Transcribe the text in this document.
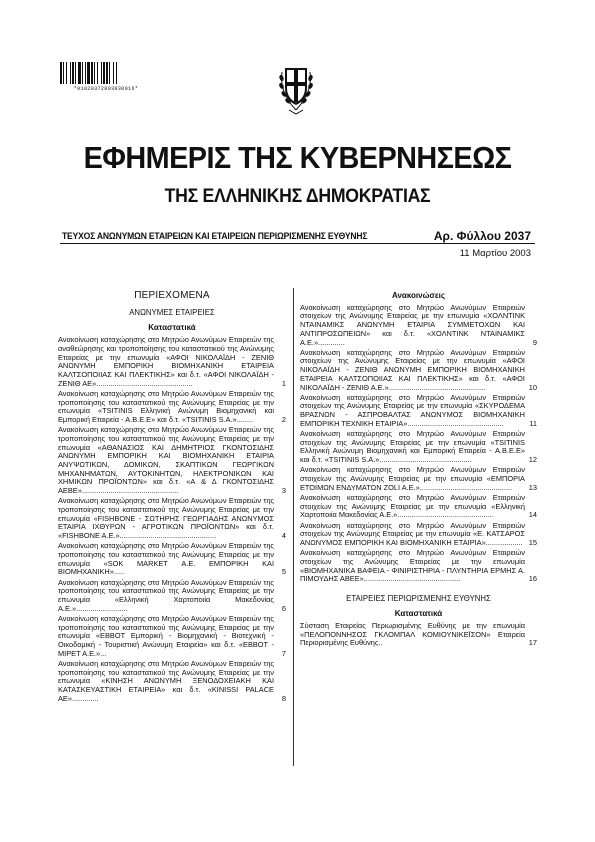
*01020372803030016*
ΕΦΗΜΕΡΙΣ ΤΗΣ ΚΥΒΕΡΝΗΣΕΩΣ
ΤΗΣ ΕΛΛΗΝΙΚΗΣ ΔΗΜΟΚΡΑΤΙΑΣ
ΤΕΥΧΟΣ ΑΝΩΝΥΜΩΝ ΕΤΑΙΡΕΙΩΝ ΚΑΙ ΕΤΑΙΡΕΙΩΝ ΠΕΡΙΩΡΙΣΜΕΝΗΣ ΕΥΘΥΝΗΣ	Αρ. Φύλλου 2037
11 Μαρτίου 2003
ΠΕΡΙΕΧΟΜΕΝΑ
ΑΝΩΝΥΜΕΣ ΕΤΑΙΡΕΙΕΣ
Καταστατικά
Ανακοίνωση καταχώρησης στο Μητρώο Ανωνύμων Εταιρειών της αναθεώρησης και τροποποίησης του καταστατικού της Ανώνυμης Εταιρείας με την επωνυμία «ΑΦΟΙ ΝΙΚΟΛΑΪΔΗ - ΖΕΝΙΘ ΑΝΩΝΥΜΗ ΕΜΠΟΡΙΚΗ ΒΙΟΜΗΧΑΝΙΚΗ ΕΤΑΙΡΕΙΑ ΚΑΛΤΣΟΠΟΙΙΑΣ ΚΑΙ ΠΛΕΚΤΙΚΗΣ» και δ.τ. «ΑΦΟΙ ΝΙΚΟΛΑΪΔΗ - ΖΕΝΙΘ ΑΕ»...............................................	1
Ανακοίνωση καταχώρησης στο Μητρώο Ανωνύμων Εταιρειών της τροποποίησης του καταστατικού της Ανώνυμης Εταιρείας με την επωνυμία «TSITINIS Ελληνική Ανώνυμη Βιομηχανική και Εμπορική Εταιρεία - Α.Β.Ε.Ε» και δ.τ. «TSITINIS S.A.»........	2
Ανακοίνωση καταχώρησης στο Μητρώο Ανωνύμων Εταιρειών της τροποποίησης του καταστατικού της Ανώνυμης Εταιρείας με την επωνυμία «ΑΘΑΝΑΣΙΟΣ ΚΑΙ ΔΗΜΗΤΡΙΟΣ ΓΚΟΝΤΟΣΙΔΗΣ ΑΝΩΝΥΜΗ ΕΜΠΟΡΙΚΗ ΚΑΙ ΒΙΟΜΗΧΑΝΙΚΗ ΕΤΑΙΡΙΑ ΑΝΥΨΩΤΙΚΩΝ, ΔΟΜΙΚΩΝ, ΣΚΑΠΤΙΚΩΝ ΓΕΩΡΓΙΚΩΝ ΜΗΧΑΝΗΜΑΤΩΝ, ΑΥΤΟΚΙΝΗΤΩΝ, ΗΛΕΚΤΡΟΝΙΚΩΝ ΚΑΙ ΧΗΜΙΚΩΝ ΠΡΟΪΟΝΤΩΝ» και δ.τ. «Α & Δ ΓΚΟΝΤΟΣΙΔΗΣ ΑΕΒΕ»...............................................	3
Ανακοίνωση καταχώρησης στο Μητρώο Ανωνύμων Εταιρειών της τροποποίησης του καταστατικού της Ανώνυμης Εταιρείας με την επωνυμία «FISHBONE - ΣΩΤΗΡΗΣ ΓΕΩΡΓΙΑΔΗΣ ΑΝΩΝΥΜΟΣ ΕΤΑΙΡΙΑ ΙΧΘΥΡΩΝ - ΑΓΡΟΤΙΚΩΝ ΠΡΟΪΟΝΤΩΝ» και δ.τ. «FISHBONE A.E.»...............................................	4
Ανακοίνωση καταχώρησης στο Μητρώο Ανωνύμων Εταιρειών της τροποποίησης του καταστατικού της Ανώνυμης Εταιρείας με την επωνυμία «SOK MARKET Α.Ε. ΕΜΠΟΡΙΚΗ ΚΑΙ ΒΙΟΜΗΧΑΝΙΚΗ».....	5
Ανακοίνωση καταχώρησης στο Μητρώο Ανωνύμων Εταιρειών της τροποποίησης του καταστατικού της Ανώνυμης Εταιρείας με την επωνυμία «Ελληνική Χαρτοποιία Μακεδονίας Α.Ε.».........................	6
Ανακοίνωση καταχώρησης στο Μητρώο Ανωνύμων Εταιρειών της τροποποίησης του καταστατικού της Ανώνυμης Εταιρείας με την επωνυμία «ΕΒΒΟΤ Εμπορική - Βιομηχανική - Βιοτεχνική - Οικοδομική - Τουριστική Ανώνυμη Εταιρεία» και δ.τ. «ΕΒΒΟΤ - ΜΙΡΕΤ Α.Ε.»...	7
Ανακοίνωση καταχώρησης στο Μητρώο Ανωνύμων Εταιρειών της τροποποίησης του καταστατικού της Ανώνυμης Εταιρείας με την επωνυμία «ΚΙΝΗΣΗ ΑΝΩΝΥΜΗ ΞΕΝΟΔΟΧΕΙΑΚΗ ΚΑΙ ΚΑΤΑΣΚΕΥΑΣΤΙΚΗ ΕΤΑΙΡΕΙΑ» και δ.τ. «KINISSI PALACE AE».............	8
Ανακοινώσεις
Ανακοίνωση καταχώρησης στο Μητρώο Ανωνύμων Εταιρειών στοιχείων της Ανώνυμης Εταιρείας με την επωνυμία «ΧΟΛΝΤΙΝΚ ΝΤΑΙΝΑΜΙΚΣ ΑΝΩΝΥΜΗ ΕΤΑΙΡΙΑ ΣΥΜΜΕΤΟΧΩΝ ΚΑΙ ΑΝΤΙΠΡΟΣΩΠΕΙΩΝ» και δ.τ. «ΧΟΛΝΤΙΝΚ ΝΤΑΙΝΑΜΙΚΣ Α.Ε.».............	9
Ανακοίνωση καταχώρησης στο Μητρώο Ανωνύμων Εταιρειών στοιχείων της Ανώνυμης Εταιρείας με την επωνυμία «ΑΦΟΙ ΝΙΚΟΛΑΪΔΗ - ΖΕΝΙΘ ΑΝΩΝΥΜΗ ΕΜΠΟΡΙΚΗ ΒΙΟΜΗΧΑΝΙΚΗ ΕΤΑΙΡΕΙΑ ΚΑΛΤΣΟΠΟΙΙΑΣ ΚΑΙ ΠΛΕΚΤΙΚΗΣ» και δ.τ. «ΑΦΟΙ ΝΙΚΟΛΑΪΔΗ - ΖΕΝΙΘ Α.Ε.»...............................................	10
Ανακοίνωση καταχώρησης στο Μητρώο Ανωνύμων Εταιρειών στοιχείων της Ανώνυμης Εταιρείας με την επωνυμία «ΣΚΥΡΟΔΕΜΑ ΒΡΑΣΝΩΝ - ΑΣΠΡΟΒΑΛΤΑΣ ΑΝΩΝΥΜΟΣ ΒΙΟΜΗΧΑΝΙΚΗ ΕΜΠΟΡΙΚΗ ΤΕΧΝΙΚΗ ΕΤΑΙΡΙΑ»...............................................	11
Ανακοίνωση καταχώρησης στο Μητρώο Ανωνύμων Εταιρειών στοιχείων της Ανώνυμης Εταιρείας με την επωνυμία «TSITINIS Ελληνική Ανώνυμη Βιομηχανική και Εμπορική Εταιρεία - Α.Β.Ε.Ε» και δ.τ. «TSITINIS S.A.».............................................	12
Ανακοίνωση καταχώρησης στο Μητρώο Ανωνύμων Εταιρειών στοιχείων της Ανώνυμης Εταιρείας με την επωνυμία «ΕΜΠΟΡΙΑ ΕΤΟΙΜΩΝ ΕΝΔΥΜΑΤΩΝ ZOLI A.E.».............................................	13
Ανακοίνωση καταχώρησης στο Μητρώο Ανωνύμων Εταιρειών στοιχείων της Ανώνυμης Εταιρείας με την επωνυμία «Ελληνική Χαρτοποιία Μακεδονίας Α.Ε.»...............................................	14
Ανακοίνωση καταχώρησης στο Μητρώο Ανωνύμων Εταιρειών στοιχείων της Ανώνυμης Εταιρείας με την επωνυμία «Ε. ΚΑΤΣΑΡΟΣ ΑΝΩΝΥΜΟΣ ΕΜΠΟΡΙΚΗ ΚΑΙ ΒΙΟΜΗΧΑΝΙΚΗ ΕΤΑΙΡΙΑ».................. 15
Ανακοίνωση καταχώρησης στο Μητρώο Ανωνύμων Εταιρειών στοιχείων της Ανώνυμης Εταιρείας με την επωνυμία «ΒΙΟΜΗΧΑΝΙΚΑ ΒΑΦΕΙΑ - ΦΙΝΙΡΙΣΤΗΡΙΑ - ΠΛΥΝΤΗΡΙΑ ΕΡΜΗΣ Α. ΠΙΜΟΥΔΗΣ ΑΒΕΕ»...............................................	16
ΕΤΑΙΡΕΙΕΣ ΠΕΡΙΩΡΙΣΜΕΝΗΣ ΕΥΘΥΝΗΣ
Καταστατικά
Σύσταση Εταιρείας Περιωρισμένης Ευθύνης με την επωνυμία «ΠΕΛΟΠΟΝΝΗΣΟΣ ΓΚΛΟΜΠΑΛ ΚΟΜΙΟΥΝΙΚΕΪΣΟΝ» Εταιρεία Περιορισμένης Ευθύνης..	17
